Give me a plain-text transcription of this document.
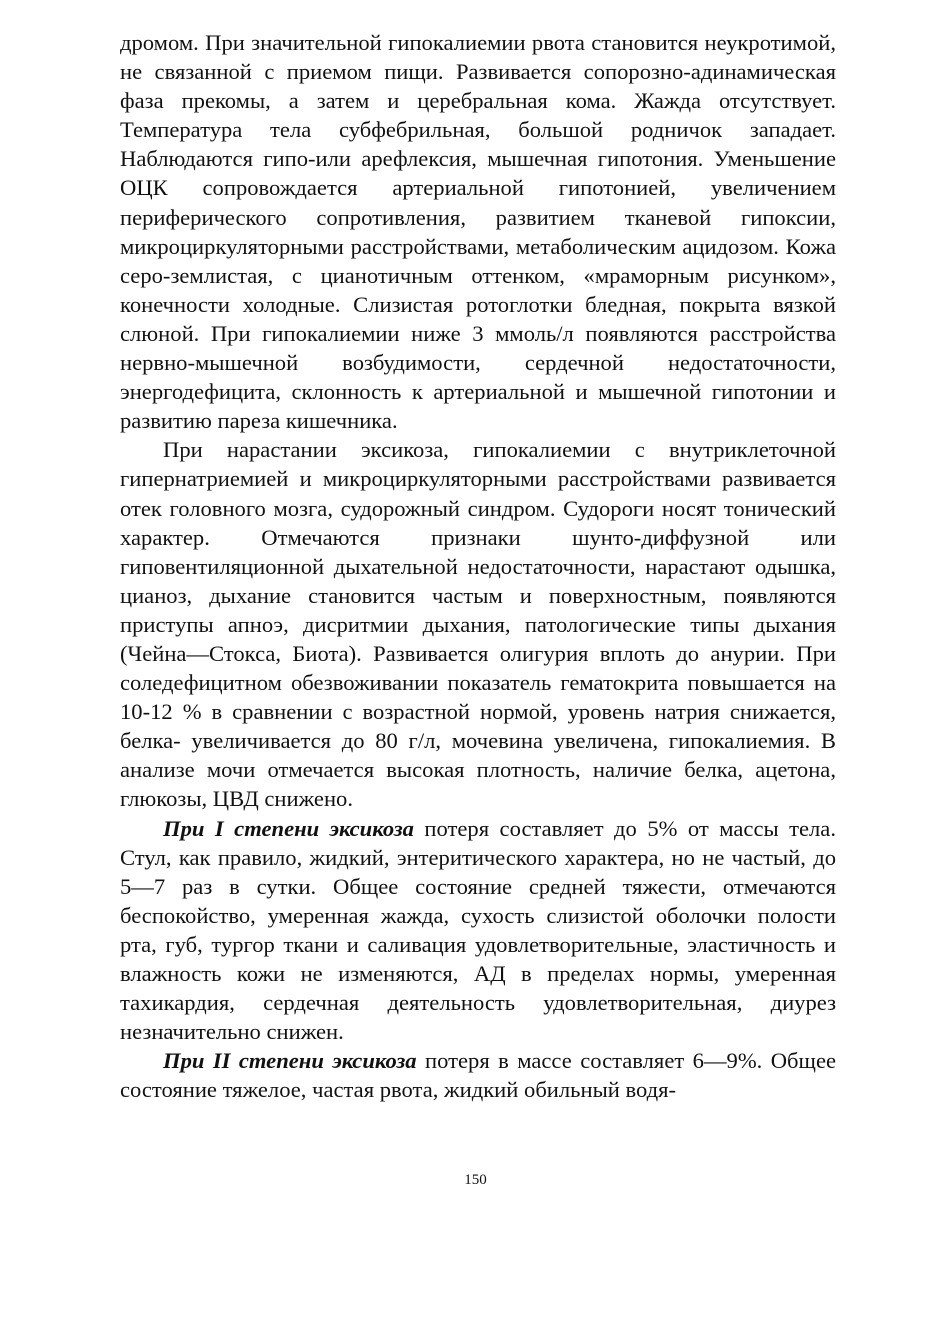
дромом. При значительной гипокалиемии рвота становится неукротимой, не связанной с приемом пищи. Развивается сопорозно-адинамическая фаза прекомы, а затем и церебральная кома. Жажда отсутствует. Температура тела субфебрильная, большой родничок западает. Наблюдаются гипо-или арефлексия, мышечная гипотония. Уменьшение ОЦК сопровождается артериальной гипотонией, увеличением периферического сопротивления, развитием тканевой гипоксии, микроциркуляторными расстройствами, метаболическим ацидозом. Кожа серо-землистая, с цианотичным оттенком, «мраморным рисунком», конечности холодные. Слизистая ротоглотки бледная, покрыта вязкой слюной. При гипокалиемии ниже 3 ммоль/л появляются расстройства нервно-мышечной возбудимости, сердечной недостаточности, энергодефицита, склонность к артериальной и мышечной гипотонии и развитию пареза кишечника.

При нарастании эксикоза, гипокалиемии с внутриклеточной гипернатриемией и микроциркуляторными расстройствами развивается отек головного мозга, судорожный синдром. Судороги носят тонический характер. Отмечаются признаки шунто-диффузной или гиповентиляционной дыхательной недостаточности, нарастают одышка, цианоз, дыхание становится частым и поверхностным, появляются приступы апноэ, дисритмии дыхания, патологические типы дыхания (Чейна—Стокса, Биота). Развивается олигурия вплоть до анурии. При соледефицитном обезвоживании показатель гематокрита повышается на 10-12 % в сравнении с возрастной нормой, уровень натрия снижается, белка- увеличивается до 80 г/л, мочевина увеличена, гипокалиемия. В анализе мочи отмечается высокая плотность, наличие белка, ацетона, глюкозы, ЦВД снижено.

При I степени эксикоза потеря составляет до 5% от массы тела. Стул, как правило, жидкий, энтеритического характера, но не частый, до 5—7 раз в сутки. Общее состояние средней тяжести, отмечаются беспокойство, умеренная жажда, сухость слизистой оболочки полости рта, губ, тургор ткани и саливация удовлетворительные, эластичность и влажность кожи не изменяются, АД в пределах нормы, умеренная тахикардия, сердечная деятельность удовлетворительная, диурез незначительно снижен.

При II степени эксикоза потеря в массе составляет 6—9%. Общее состояние тяжелое, частая рвота, жидкий обильный водя-

150
